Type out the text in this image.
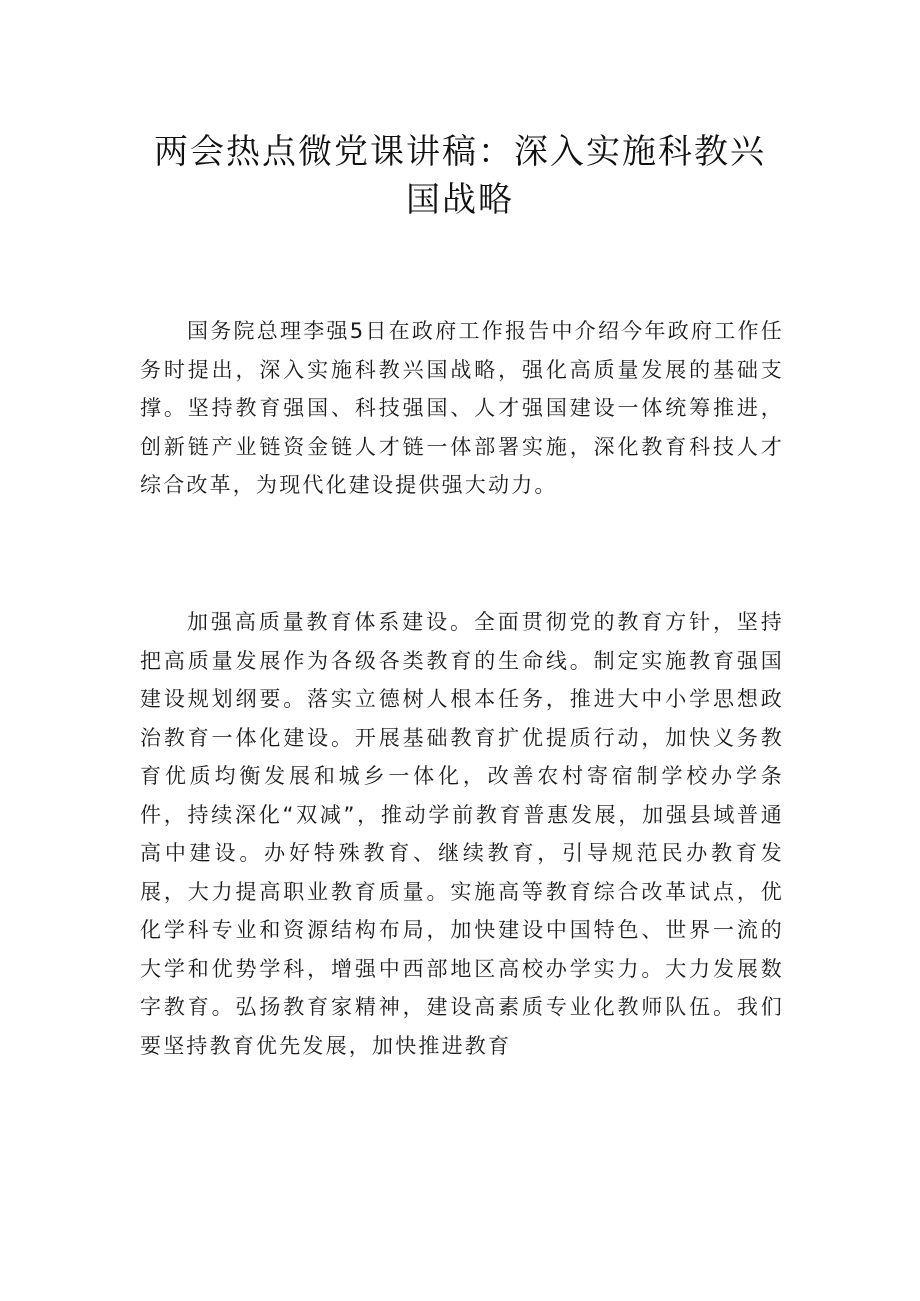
两会热点微党课讲稿：深入实施科教兴国战略

国务院总理李强5日在政府工作报告中介绍今年政府工作任务时提出，深入实施科教兴国战略，强化高质量发展的基础支撑。坚持教育强国、科技强国、人才强国建设一体统筹推进，创新链产业链资金链人才链一体部署实施，深化教育科技人才综合改革，为现代化建设提供强大动力。

加强高质量教育体系建设。全面贯彻党的教育方针，坚持把高质量发展作为各级各类教育的生命线。制定实施教育强国建设规划纲要。落实立德树人根本任务，推进大中小学思想政治教育一体化建设。开展基础教育扩优提质行动，加快义务教育优质均衡发展和城乡一体化，改善农村寄宿制学校办学条件，持续深化“双减”，推动学前教育普惠发展，加强县域普通高中建设。办好特殊教育、继续教育，引导规范民办教育发展，大力提高职业教育质量。实施高等教育综合改革试点，优化学科专业和资源结构布局，加快建设中国特色、世界一流的大学和优势学科，增强中西部地区高校办学实力。大力发展数字教育。弘扬教育家精神，建设高素质专业化教师队伍。我们要坚持教育优先发展，加快推进教育
